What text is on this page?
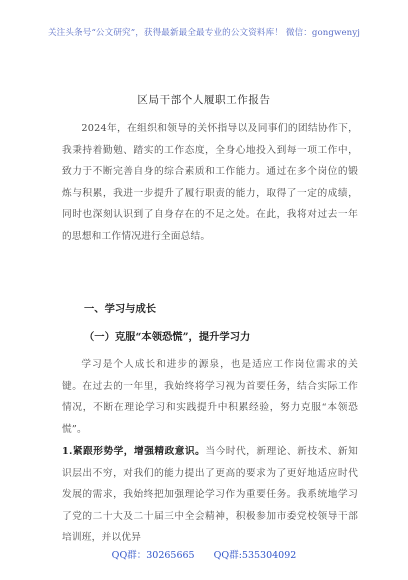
关注头条号“公文研究”，获得最新最全最专业的公文资料库！ 微信：gongwenyj
区局干部个人履职工作报告

2024年，在组织和领导的关怀指导以及同事们的团结协作下，我秉持着勤勉、踏实的工作态度，全身心地投入到每一项工作中，致力于不断完善自身的综合素质和工作能力。通过在多个岗位的锻炼与积累，我进一步提升了履行职责的能力，取得了一定的成绩，同时也深刻认识到了自身存在的不足之处。在此，我将对过去一年的思想和工作情况进行全面总结。

一、学习与成长
（一）克服“本领恐慌”，提升学习力

学习是个人成长和进步的源泉，也是适应工作岗位需求的关键。在过去的一年里，我始终将学习视为首要任务，结合实际工作情况，不断在理论学习和实践提升中积累经验，努力克服“本领恐慌”。

1.紧跟形势学，增强精政意识。当今时代，新理论、新技术、新知识层出不穷，对我们的能力提出了更高的要求为了更好地适应时代发展的需求，我始终把加强理论学习作为重要任务。我系统地学习了党的二十大及二十届三中全会精神，积极参加市委党校领导干部培训班，并以优异

QQ群：30265665 QQ群:535304092
